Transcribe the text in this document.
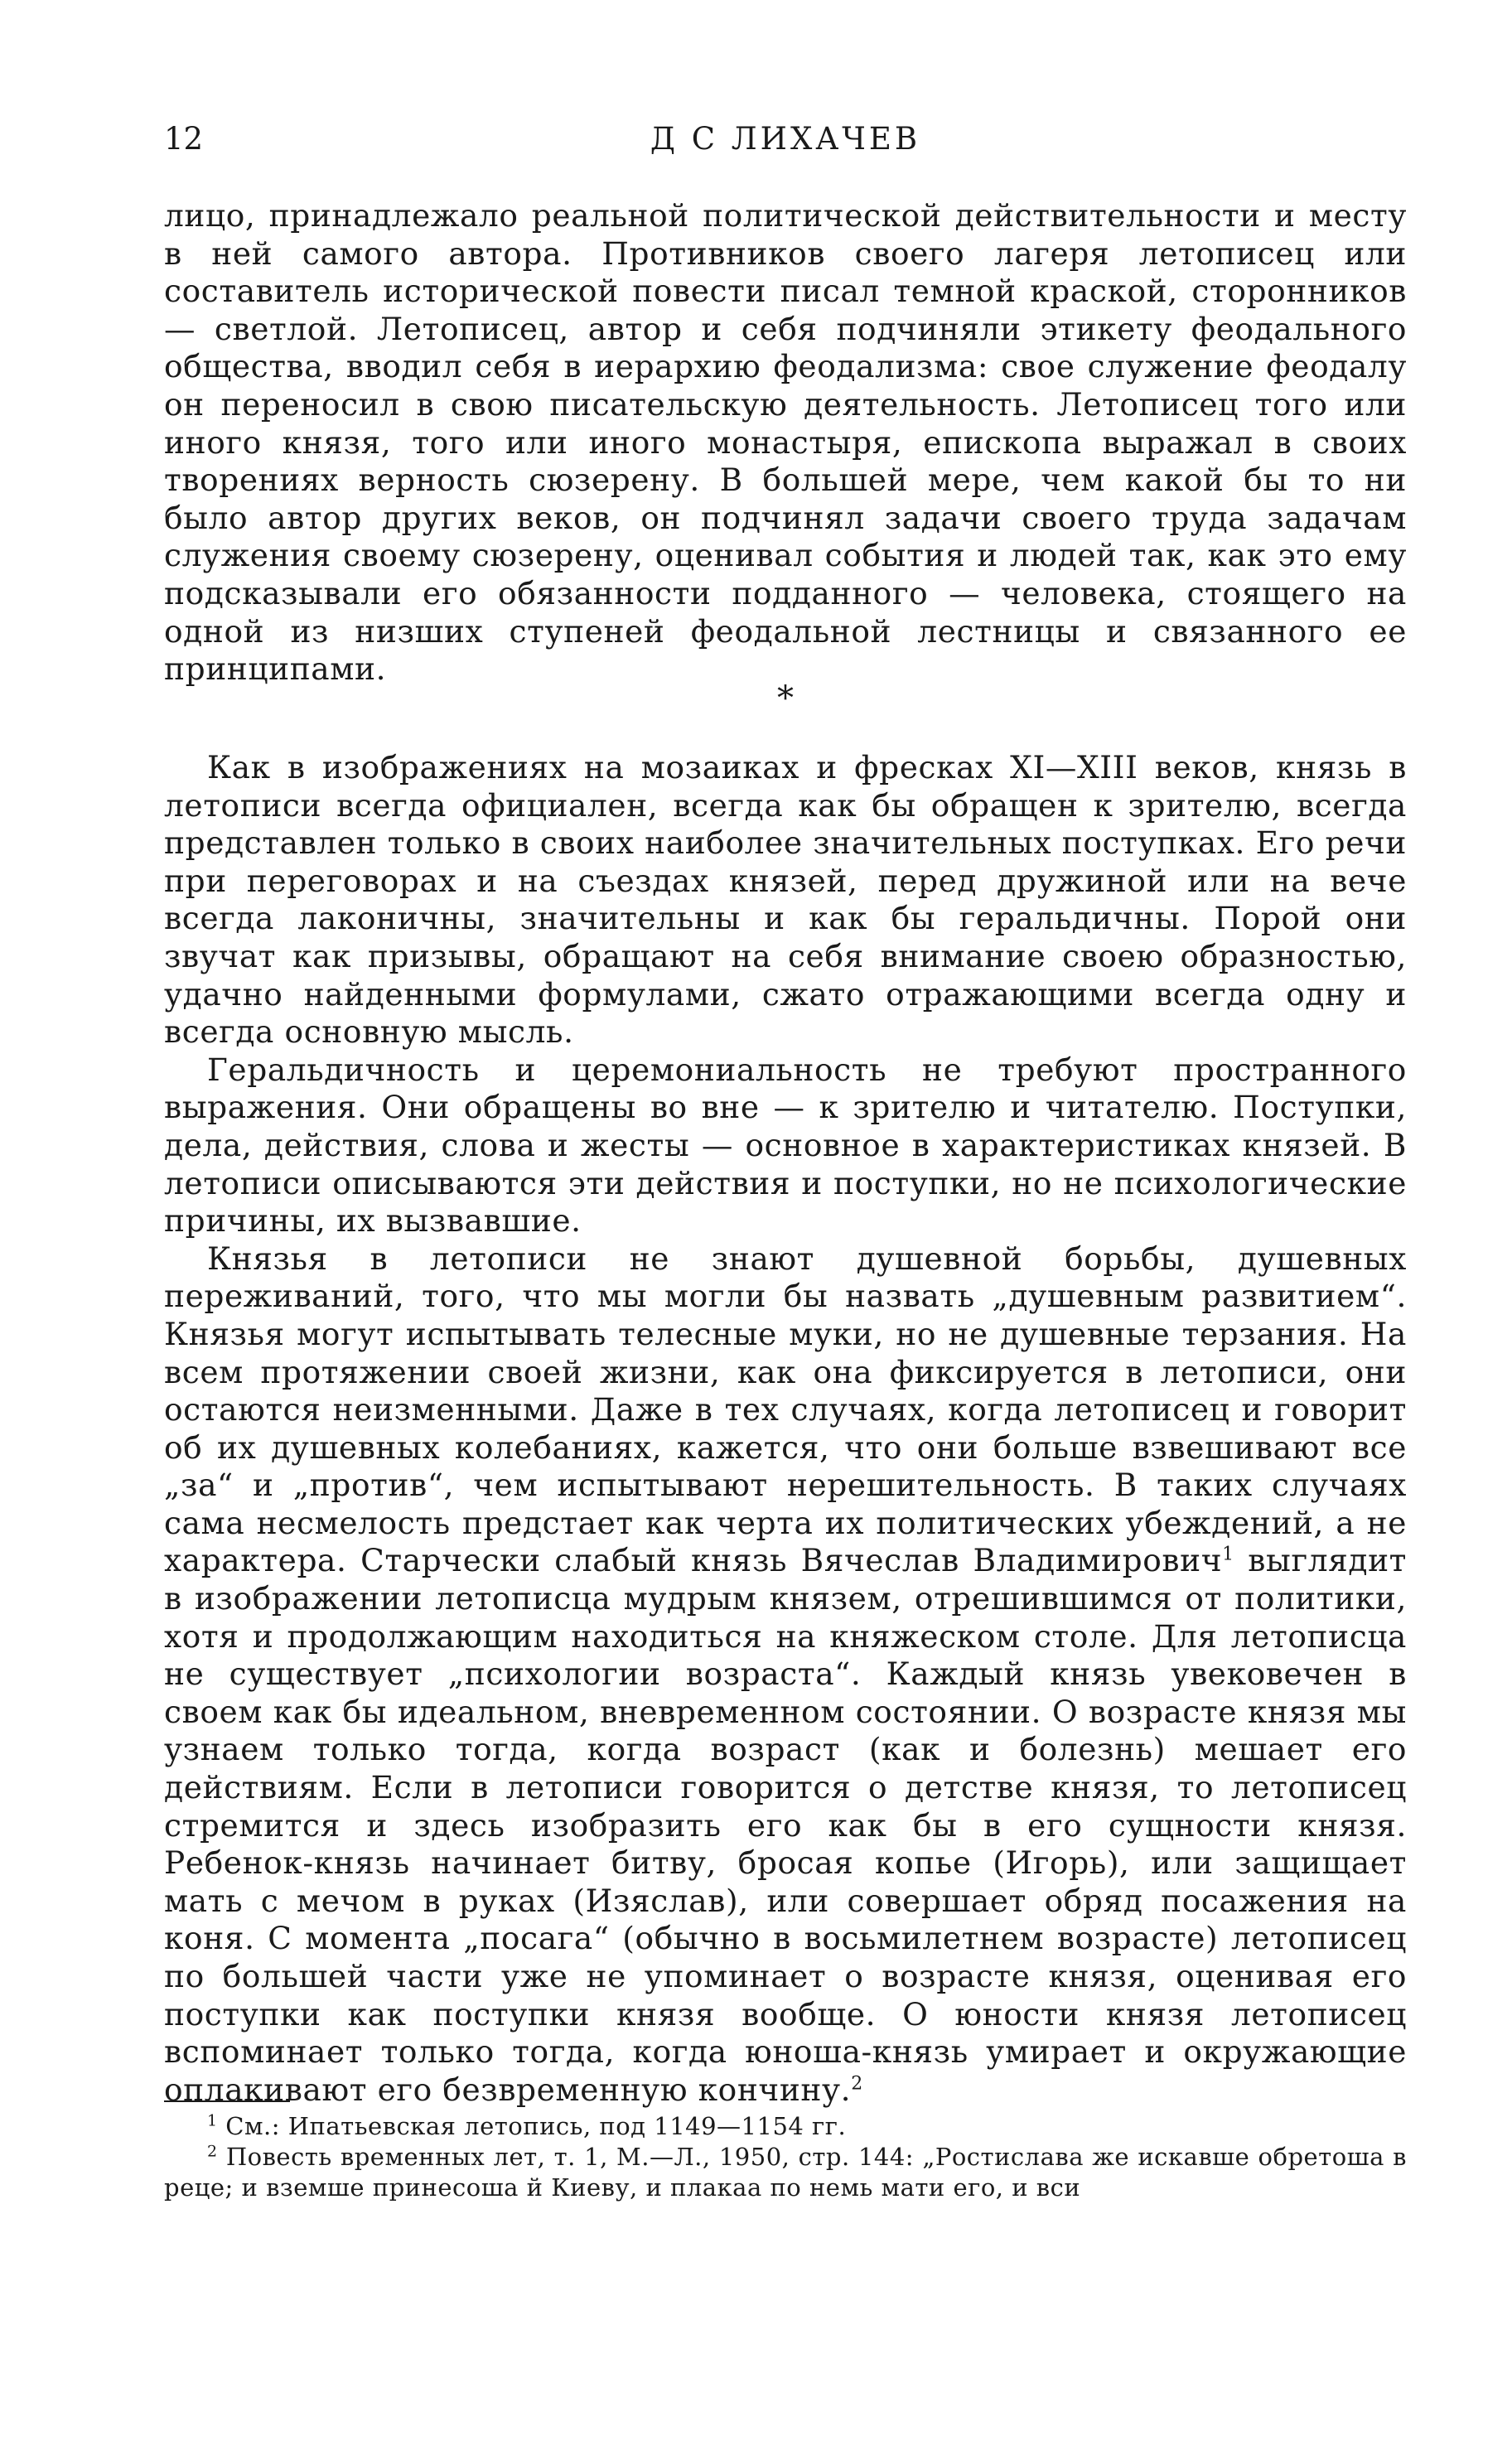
12	Д С ЛИХАЧЕВ

лицо, принадлежало реальной политической действительности и месту в ней самого автора. Противников своего лагеря летописец или составитель исторической повести писал темной краской, сторонников — светлой. Летописец, автор и себя подчиняли этикету феодального общества, вводил себя в иерархию феодализма: свое служение феодалу он переносил в свою писательскую деятельность. Летописец того или иного князя, того или иного монастыря, епископа выражал в своих творениях верность сюзерену. В большей мере, чем какой бы то ни было автор других веков, он подчинял задачи своего труда задачам служения своему сюзерену, оценивал события и людей так, как это ему подсказывали его обязанности подданного — человека, стоящего на одной из низших ступеней феодальной лестницы и связанного ее принципами.

*

Как в изображениях на мозаиках и фресках XI—XIII веков, князь в летописи всегда официален, всегда как бы обращен к зрителю, всегда представлен только в своих наиболее значительных поступках. Его речи при переговорах и на съездах князей, перед дружиной или на вече всегда лаконичны, значительны и как бы геральдичны. Порой они звучат как призывы, обращают на себя внимание своею образностью, удачно найденными формулами, сжато отражающими всегда одну и всегда основную мысль.

Геральдичность и церемониальность не требуют пространного выражения. Они обращены во вне — к зрителю и читателю. Поступки, дела, действия, слова и жесты — основное в характеристиках князей. В летописи описываются эти действия и поступки, но не психологические причины, их вызвавшие.

Князья в летописи не знают душевной борьбы, душевных переживаний, того, что мы могли бы назвать „душевным развитием“. Князья могут испытывать телесные муки, но не душевные терзания. На всем протяжении своей жизни, как она фиксируется в летописи, они остаются неизменными. Даже в тех случаях, когда летописец и говорит об их душевных колебаниях, кажется, что они больше взвешивают все „за“ и „против“, чем испытывают нерешительность. В таких случаях сама несмелость предстает как черта их политических убеждений, а не характера. Старчески слабый князь Вячеслав Владимирович$^1$ выглядит в изображении летописца мудрым князем, отрешившимся от политики, хотя и продолжающим находиться на княжеском столе. Для летописца не существует „психологии возраста“. Каждый князь увековечен в своем как бы идеальном, вневременном состоянии. О возрасте князя мы узнаем только тогда, когда возраст (как и болезнь) мешает его действиям. Если в летописи говорится о детстве князя, то летописец стремится и здесь изобразить его как бы в его сущности князя. Ребенок-князь начинает битву, бросая копье (Игорь), или защищает мать с мечом в руках (Изяслав), или совершает обряд посажения на коня. С момента „посага“ (обычно в восьмилетнем возрасте) летописец по большей части уже не упоминает о возрасте князя, оценивая его поступки как поступки князя вообще. О юности князя летописец вспоминает только тогда, когда юноша-князь умирает и окружающие оплакивают его безвременную кончину.$^2$

$^1$ См.: Ипатьевская летопись, под 1149—1154 гг.

$^2$ Повесть временных лет, т. 1, М.—Л., 1950, стр. 144: „Ростислава же искавше обретоша в реце; и вземше принесоша й Киеву, и плакаа по немь мати его, и вси
